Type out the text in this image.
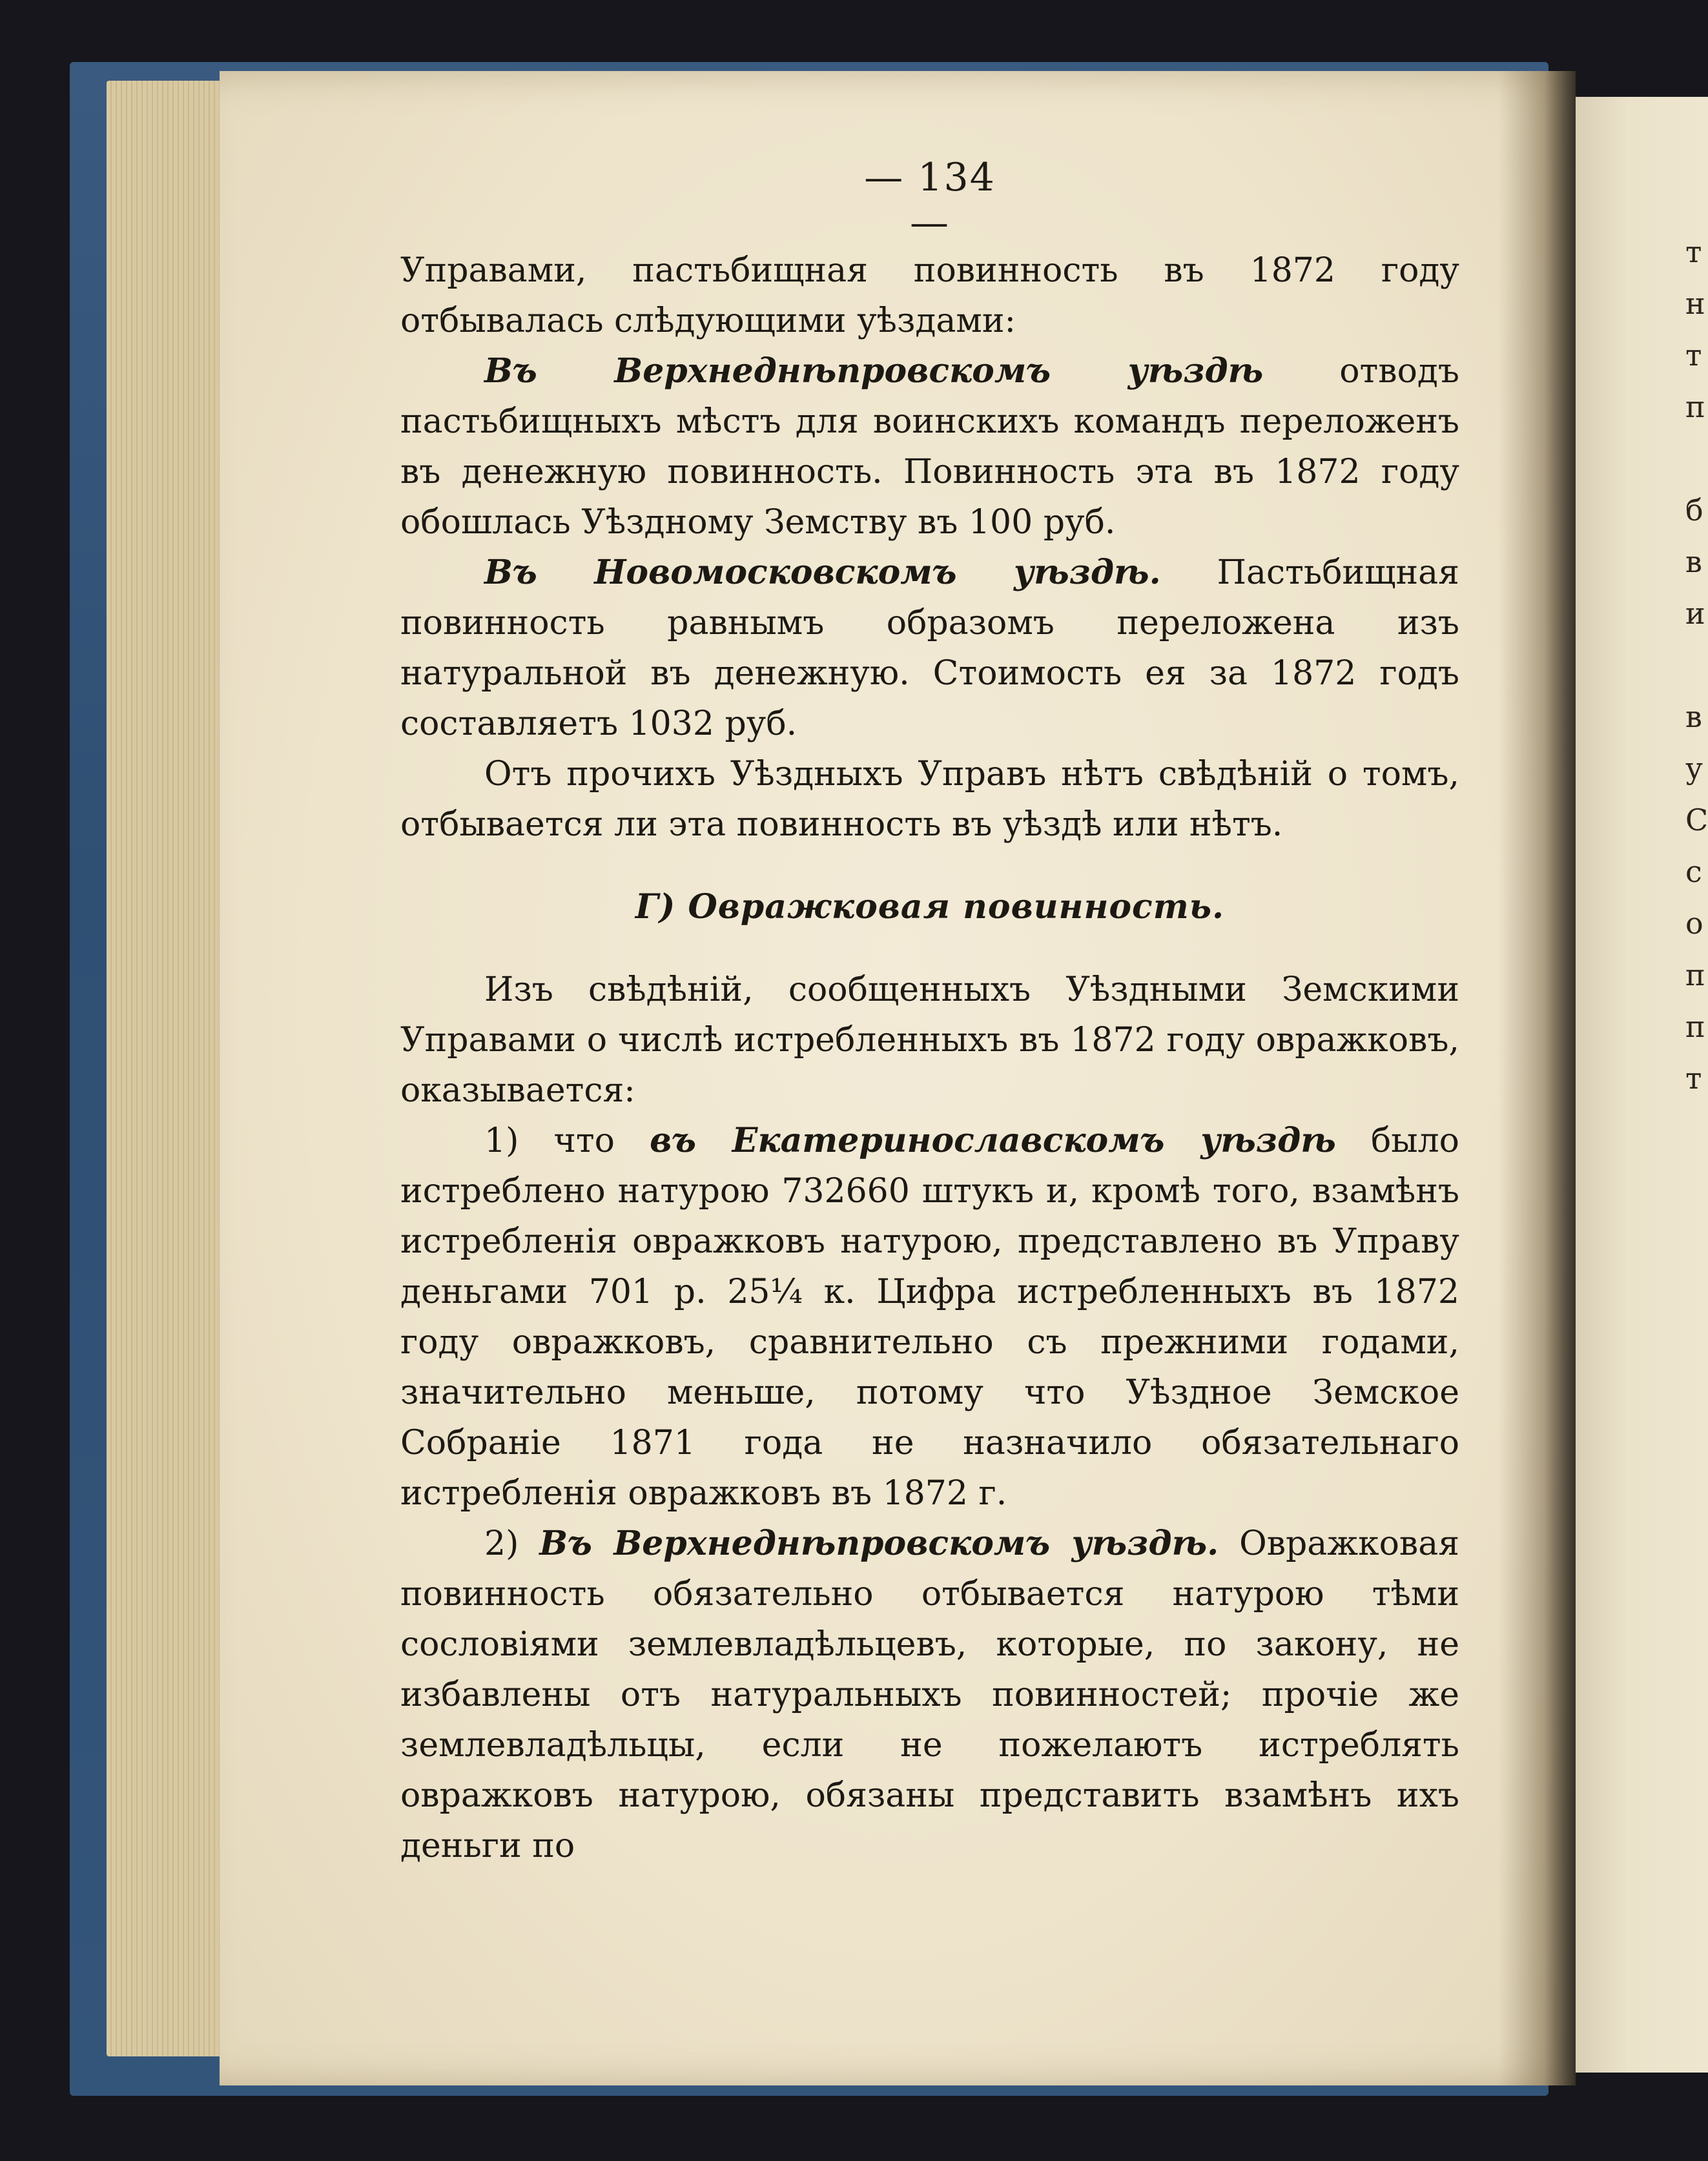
т
н
т
п
б
в
и
в
у
С
с
о
п
п
т
— 134 —

Управами, пастьбищная повинность въ 1872 году отбывалась слѣдующими уѣздами:

Въ Верхнеднѣпровскомъ уѣздѣ отводъ пастьбищныхъ мѣстъ для воинскихъ командъ переложенъ въ денежную повинность. Повинность эта въ 1872 году обошлась Уѣздному Земству въ 100 руб.

Въ Новомосковскомъ уѣздѣ. Пастьбищная повинность равнымъ образомъ переложена изъ натуральной въ денежную. Стоимость ея за 1872 годъ составляетъ 1032 руб.

Отъ прочихъ Уѣздныхъ Управъ нѣтъ свѣдѣній о томъ, отбывается ли эта повинность въ уѣздѣ или нѣтъ.

Г) Овражковая повинность.

Изъ свѣдѣній, сообщенныхъ Уѣздными Земскими Управами о числѣ истребленныхъ въ 1872 году овражковъ, оказывается:

1) что въ Екатеринославскомъ уѣздѣ было истреблено натурою 732660 штукъ и, кромѣ того, взамѣнъ истребленія овражковъ натурою, представлено въ Управу деньгами 701 р. 25¼ к. Цифра истребленныхъ въ 1872 году овражковъ, сравнительно съ прежними годами, значительно меньше, потому что Уѣздное Земское Собраніе 1871 года не назначило обязательнаго истребленія овражковъ въ 1872 г.

2) Въ Верхнеднѣпровскомъ уѣздѣ. Овражковая повинность обязательно отбывается натурою тѣми сословіями землевладѣльцевъ, которые, по закону, не избавлены отъ натуральныхъ повинностей; прочіе же землевладѣльцы, если не пожелаютъ истреблять овражковъ натурою, обязаны представить взамѣнъ ихъ деньги по
